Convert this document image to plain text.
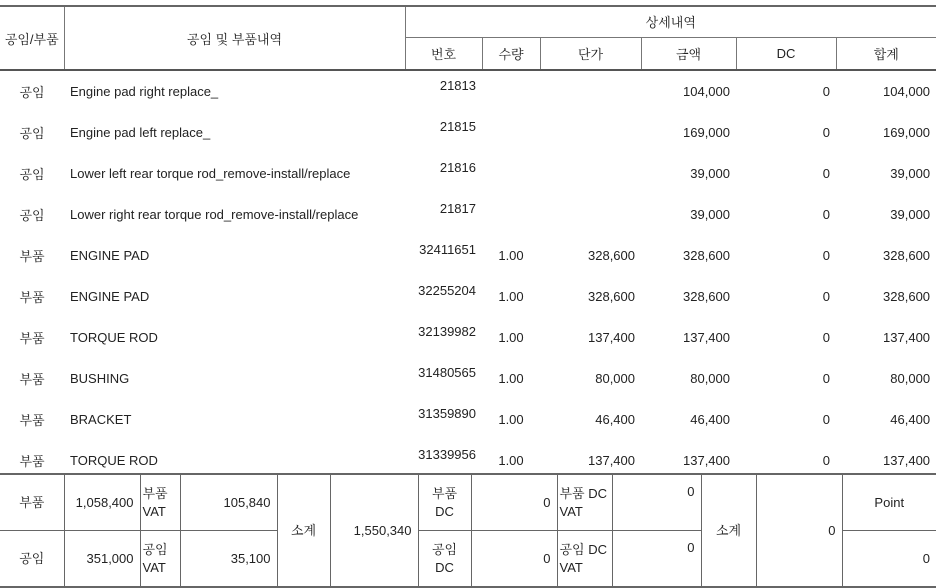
공임/부품	공임 및 부품내역	상세내역					
		번호	수량	단가	금액	DC	합계
공임	Engine pad right replace_	21813			104,000	0	104,000
공임	Engine pad left replace_	21815			169,000	0	169,000
공임	Lower left rear torque rod_remove-install/replace	21816			39,000	0	39,000
공임	Lower right rear torque rod_remove-install/replace	21817			39,000	0	39,000
부품	ENGINE PAD	32411651	1.00	328,600	328,600	0	328,600
부품	ENGINE PAD	32255204	1.00	328,600	328,600	0	328,600
부품	TORQUE ROD	32139982	1.00	137,400	137,400	0	137,400
부품	BUSHING	31480565	1.00	80,000	80,000	0	80,000
부품	BRACKET	31359890	1.00	46,400	46,400	0	46,400
부품	TORQUE ROD	31339956	1.00	137,400	137,400	0	137,400
부품	1,058,400	부품 VAT	105,840	소계	1,550,340	부품 DC	0	부품 DC VAT	0	소계	0	Point
공임	351,000	공임 VAT	35,100			공임 DC	0	공임 DC VAT	0			0
